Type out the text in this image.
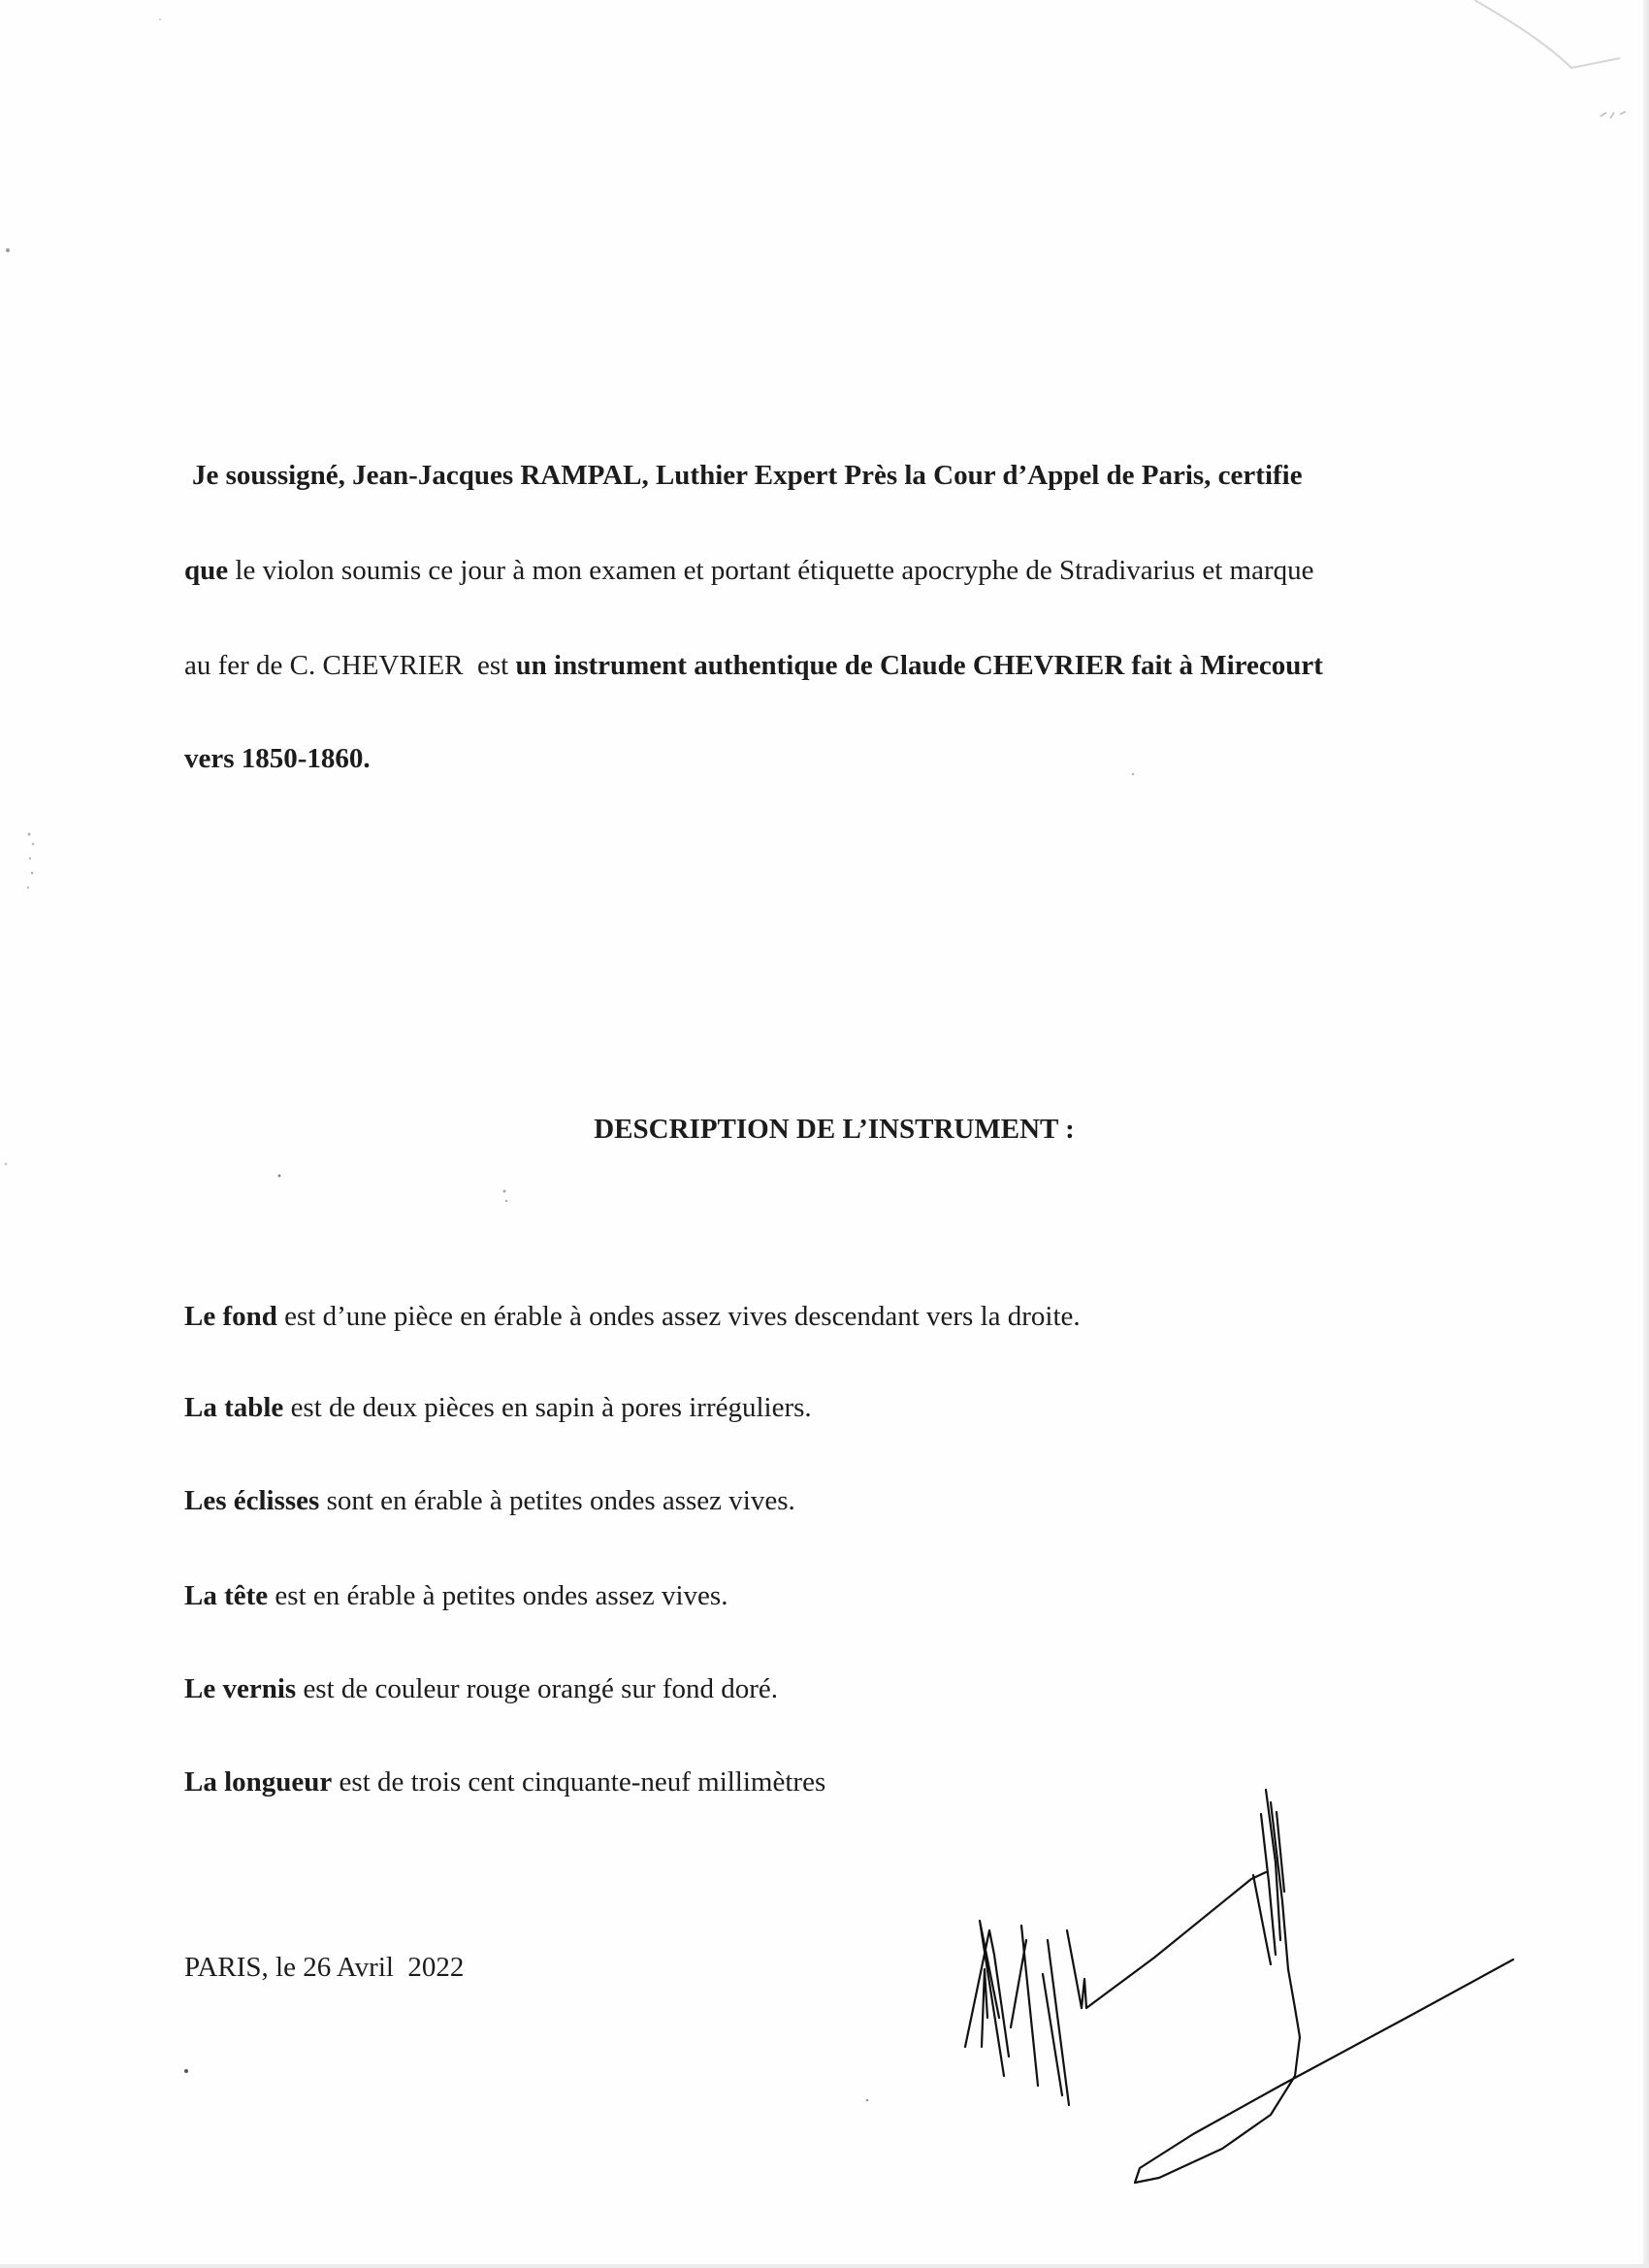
Je soussigné, Jean-Jacques RAMPAL, Luthier Expert Près la Cour d’Appel de Paris, certifie

que le violon soumis ce jour à mon examen et portant étiquette apocryphe de Stradivarius et marque

au fer de C. CHEVRIER  est un instrument authentique de Claude CHEVRIER fait à Mirecourt

vers 1850-1860.

DESCRIPTION DE L’INSTRUMENT :

Le fond est d’une pièce en érable à ondes assez vives descendant vers la droite.

La table est de deux pièces en sapin à pores irréguliers.

Les éclisses sont en érable à petites ondes assez vives.

La tête est en érable à petites ondes assez vives.

Le vernis est de couleur rouge orangé sur fond doré.

La longueur est de trois cent cinquante-neuf millimètres

PARIS, le 26 Avril  2022
